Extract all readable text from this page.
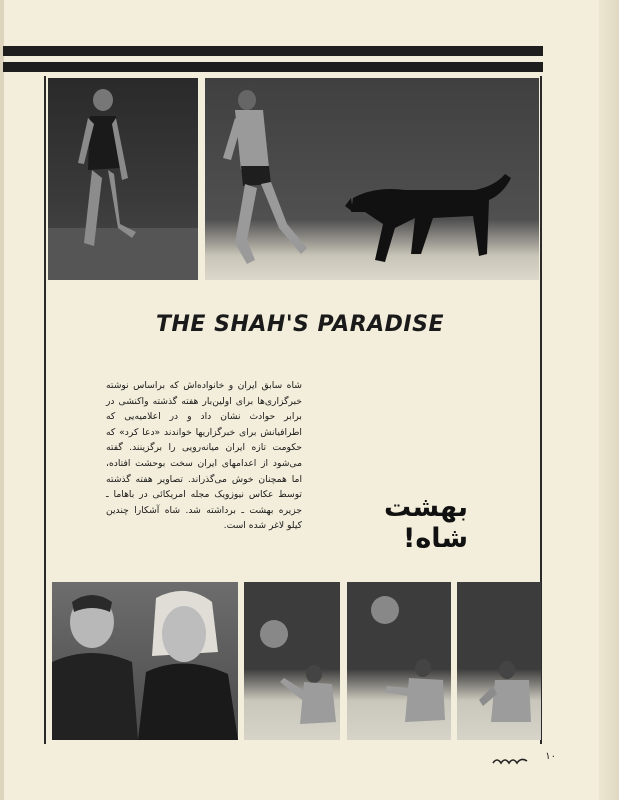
THE SHAH'S PARADISE
شاه سابق ایران و خانواده‌اش که براساس نوشته خبرگزاری‌ها برای اولین‌بار هفته گذشته واکنشی در برابر حوادث نشان داد و در اعلامیه‌یی که اطرافیانش برای خبرگزاریها خواندند «دعا کرد» که حکومت تازه ایران میانه‌رویی را برگزینند. گفته می‌شود از اعدامهای ایران سخت بوحشت افتاده، اما همچنان خوش می‌گذراند. تصاویر هفته گذشته توسط عکاس نیوزویک مجله امریکائی در باهاما ـ جزیره بهشت ـ برداشته شد. شاه آشکارا چندین کیلو لاغر شده است.
بهشت شاه!
۱۰
